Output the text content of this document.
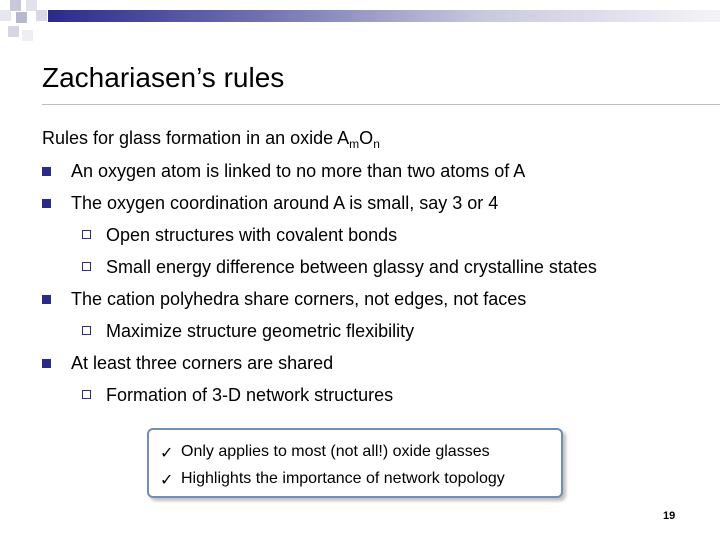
Zachariasen’s rules
Rules for glass formation in an oxide $A_mO_n$
An oxygen atom is linked to no more than two atoms of A
The oxygen coordination around A is small, say 3 or 4
Open structures with covalent bonds
Small energy difference between glassy and crystalline states
The cation polyhedra share corners, not edges, not faces
Maximize structure geometric flexibility
At least three corners are shared
Formation of 3-D network structures
✓ Only applies to most (not all!) oxide glasses
✓ Highlights the importance of network topology
19
